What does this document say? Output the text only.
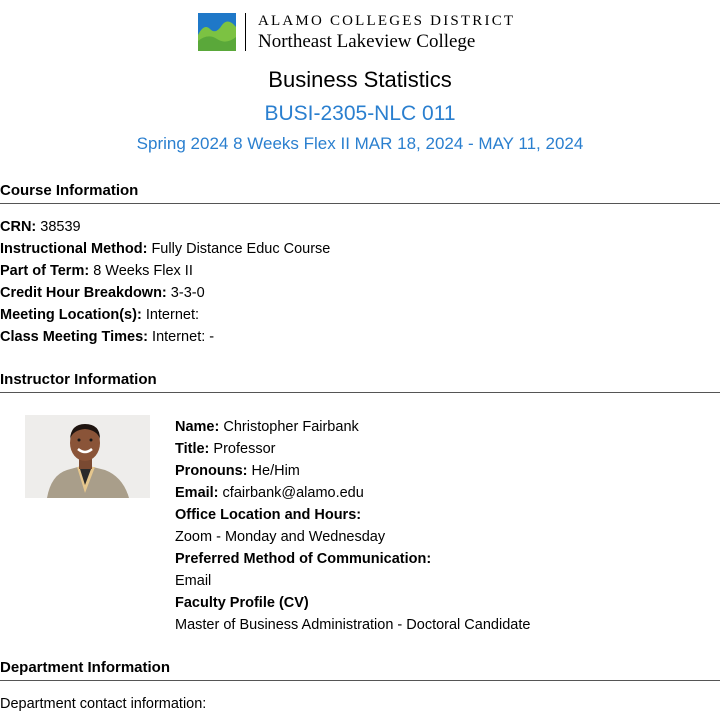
ALAMO COLLEGES DISTRICT
Northeast Lakeview College
Business Statistics
BUSI-2305-NLC 011
Spring 2024 8 Weeks Flex II MAR 18, 2024 - MAY 11, 2024
Course Information
CRN: 38539
Instructional Method: Fully Distance Educ Course
Part of Term: 8 Weeks Flex II
Credit Hour Breakdown: 3-3-0
Meeting Location(s): Internet:
Class Meeting Times: Internet: -
Instructor Information
Name: Christopher Fairbank
Title: Professor
Pronouns: He/Him
Email: cfairbank@alamo.edu
Office Location and Hours:
Zoom - Monday and Wednesday
Preferred Method of Communication:
Email
Faculty Profile (CV)
Master of Business Administration - Doctoral Candidate
Department Information
Department contact information:
